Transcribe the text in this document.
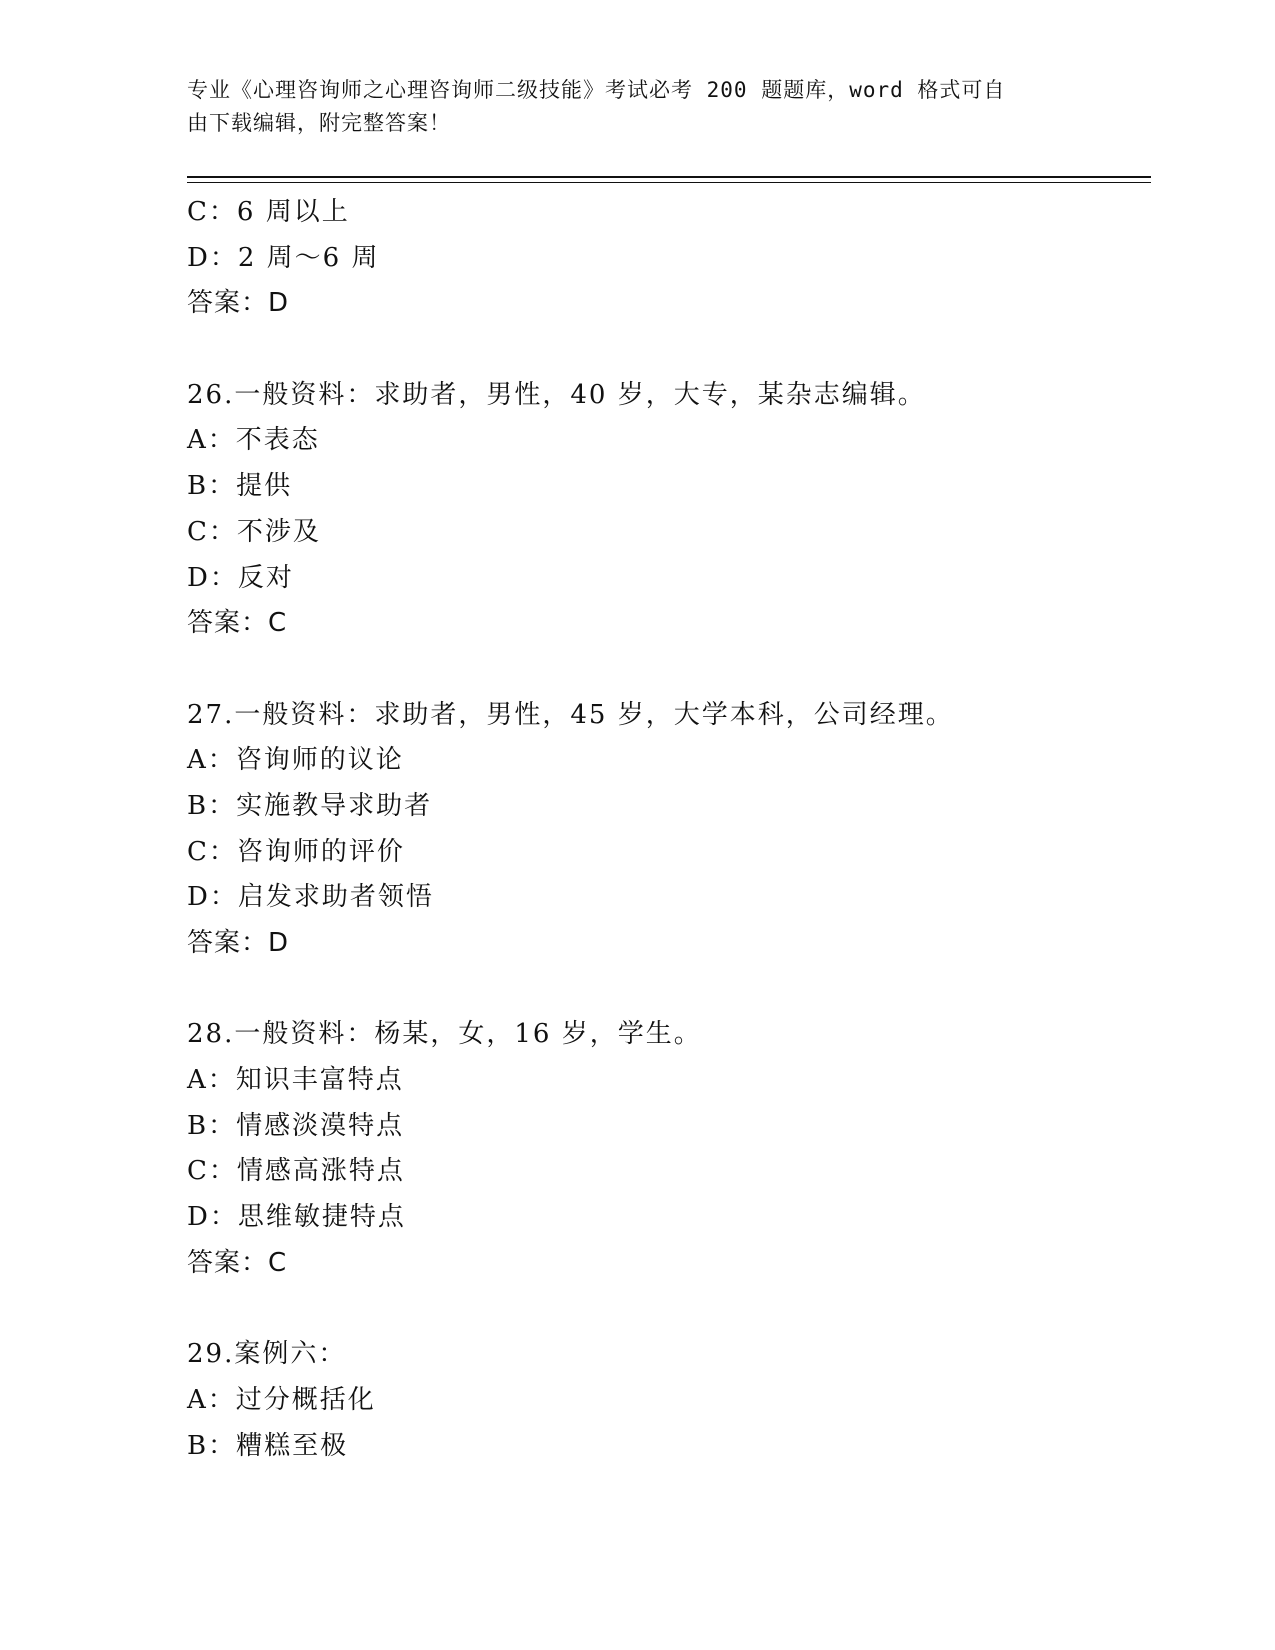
专业《心理咨询师之心理咨询师二级技能》考试必考 200 题题库，word 格式可自
由下载编辑，附完整答案！
C：6 周以上
D：2 周～6 周
答案：D
26.一般资料：求助者，男性，40 岁，大专，某杂志编辑。
A：不表态
B：提供
C：不涉及
D：反对
答案：C
27.一般资料：求助者，男性，45 岁，大学本科，公司经理。
A：咨询师的议论
B：实施教导求助者
C：咨询师的评价
D：启发求助者领悟
答案：D
28.一般资料：杨某，女，16 岁，学生。
A：知识丰富特点
B：情感淡漠特点
C：情感高涨特点
D：思维敏捷特点
答案：C
29.案例六：
A：过分概括化
B：糟糕至极
